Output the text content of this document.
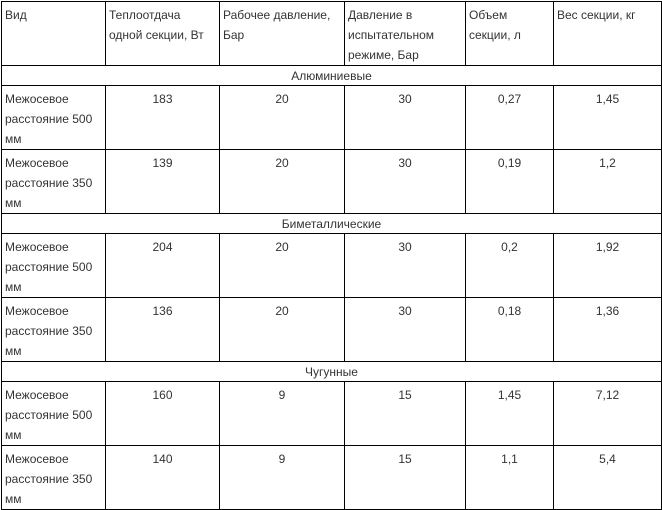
Вид	Теплоотдача одной секции, Вт	Рабочее давление, Бар	Давление в испытательном режиме, Бар	Объем секции, л	Вес секции, кг
Алюминиевые					
Межосевое расстояние 500 мм	183	20	30	0,27	1,45
Межосевое расстояние 350 мм	139	20	30	0,19	1,2
Биметаллические					
Межосевое расстояние 500 мм	204	20	30	0,2	1,92
Межосевое расстояние 350 мм	136	20	30	0,18	1,36
Чугунные					
Межосевое расстояние 500 мм	160	9	15	1,45	7,12
Межосевое расстояние 350 мм	140	9	15	1,1	5,4
